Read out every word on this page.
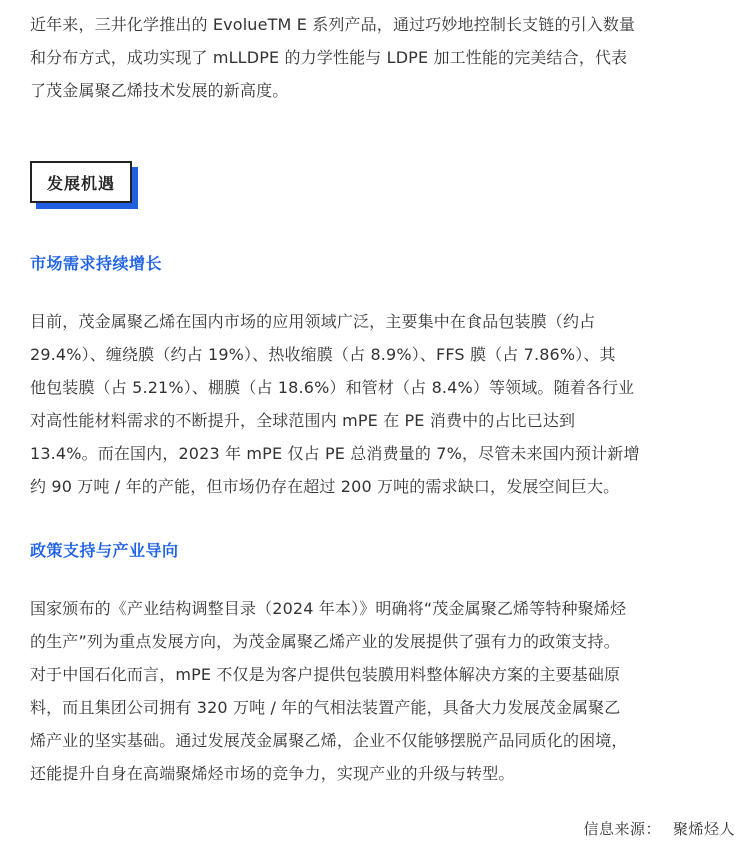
近年来，三井化学推出的 EvolueTM E 系列产品，通过巧妙地控制长支链的引入数量
和分布方式，成功实现了 mLLDPE 的力学性能与 LDPE 加工性能的完美结合，代表
了茂金属聚乙烯技术发展的新高度。
发展机遇
市场需求持续增长
目前，茂金属聚乙烯在国内市场的应用领域广泛，主要集中在食品包装膜（约占
29.4%）、缠绕膜（约占 19%）、热收缩膜（占 8.9%）、FFS 膜（占 7.86%）、其
他包装膜（占 5.21%）、棚膜（占 18.6%）和管材（占 8.4%）等领域。随着各行业
对高性能材料需求的不断提升，全球范围内 mPE 在 PE 消费中的占比已达到
13.4%。而在国内，2023 年 mPE 仅占 PE 总消费量的 7%，尽管未来国内预计新增
约 90 万吨 / 年的产能，但市场仍存在超过 200 万吨的需求缺口，发展空间巨大。
政策支持与产业导向
国家颁布的《产业结构调整目录（2024 年本）》明确将“茂金属聚乙烯等特种聚烯烃
的生产”列为重点发展方向，为茂金属聚乙烯产业的发展提供了强有力的政策支持。
对于中国石化而言，mPE 不仅是为客户提供包装膜用料整体解决方案的主要基础原
料，而且集团公司拥有 320 万吨 / 年的气相法装置产能，具备大力发展茂金属聚乙
烯产业的坚实基础。通过发展茂金属聚乙烯，企业不仅能够摆脱产品同质化的困境，
还能提升自身在高端聚烯烃市场的竞争力，实现产业的升级与转型。
信息来源： 聚烯烃人
